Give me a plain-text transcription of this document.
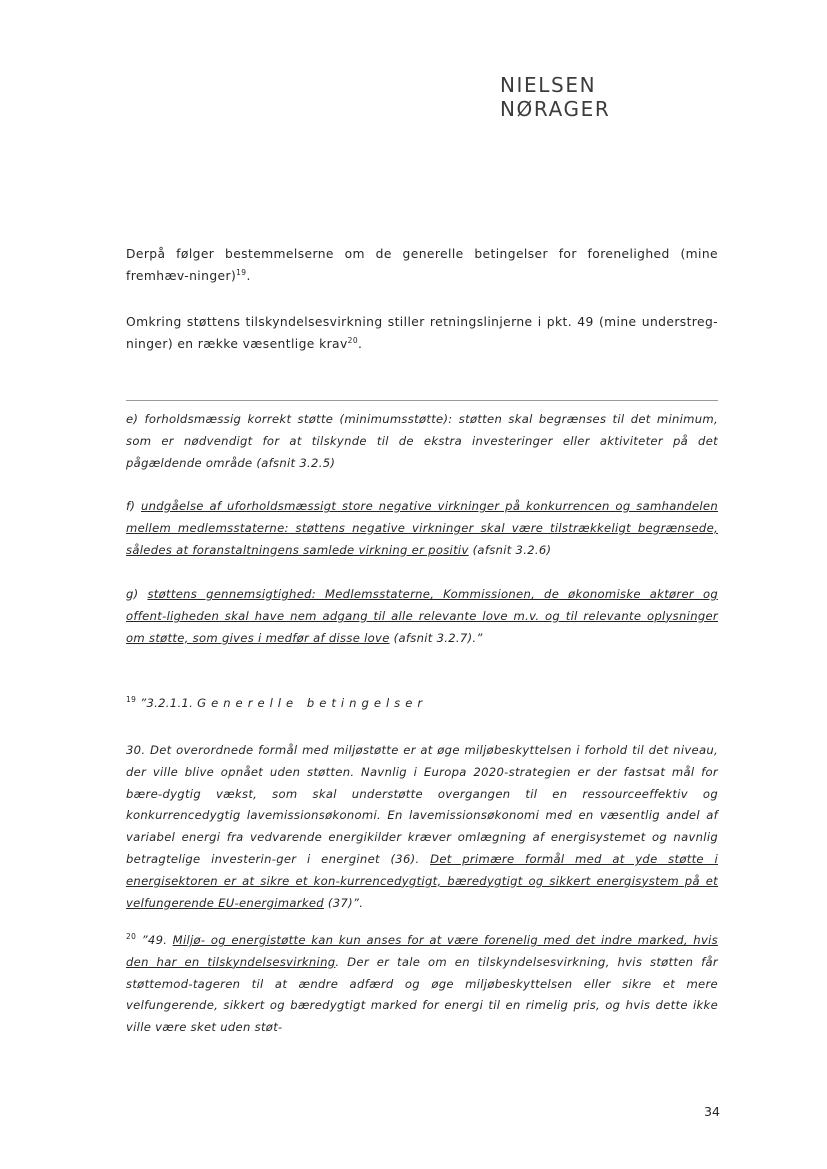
NIELSEN NØRAGER
Derpå følger bestemmelserne om de generelle betingelser for forenelighed (mine fremhæv-ninger)$^{19}$.
Omkring støttens tilskyndelsesvirkning stiller retningslinjerne i pkt. 49 (mine understreg-ninger) en række væsentlige krav$^{20}$.
e) forholdsmæssig korrekt støtte (minimumsstøtte): støtten skal begrænses til det minimum, som er nødvendigt for at tilskynde til de ekstra investeringer eller aktiviteter på det pågældende område (afsnit 3.2.5)
f) undgåelse af uforholdsmæssigt store negative virkninger på konkurrencen og samhandelen mellem medlemsstaterne: støttens negative virkninger skal være tilstrækkeligt begrænsede, således at foranstaltningens samlede virkning er positiv (afsnit 3.2.6)
g) støttens gennemsigtighed: Medlemsstaterne, Kommissionen, de økonomiske aktører og offent-ligheden skal have nem adgang til alle relevante love m.v. og til relevante oplysninger om støtte, som gives i medfør af disse love (afsnit 3.2.7).”
$^{19}$ ”3.2.1.1. Generelle betingelser
30. Det overordnede formål med miljøstøtte er at øge miljøbeskyttelsen i forhold til det niveau, der ville blive opnået uden støtten. Navnlig i Europa 2020-strategien er der fastsat mål for bære-dygtig vækst, som skal understøtte overgangen til en ressourceeffektiv og konkurrencedygtig lavemissionsøkonomi. En lavemissionsøkonomi med en væsentlig andel af variabel energi fra vedvarende energikilder kræver omlægning af energisystemet og navnlig betragtelige investerin-ger i energinet (36). Det primære formål med at yde støtte i energisektoren er at sikre et kon-kurrencedygtigt, bæredygtigt og sikkert energisystem på et velfungerende EU-energimarked (37)”.
$^{20}$ ”49. Miljø- og energistøtte kan kun anses for at være forenelig med det indre marked, hvis den har en tilskyndelsesvirkning. Der er tale om en tilskyndelsesvirkning, hvis støtten får støttemod-tageren til at ændre adfærd og øge miljøbeskyttelsen eller sikre et mere velfungerende, sikkert og bæredygtigt marked for energi til en rimelig pris, og hvis dette ikke ville være sket uden støt-
34
